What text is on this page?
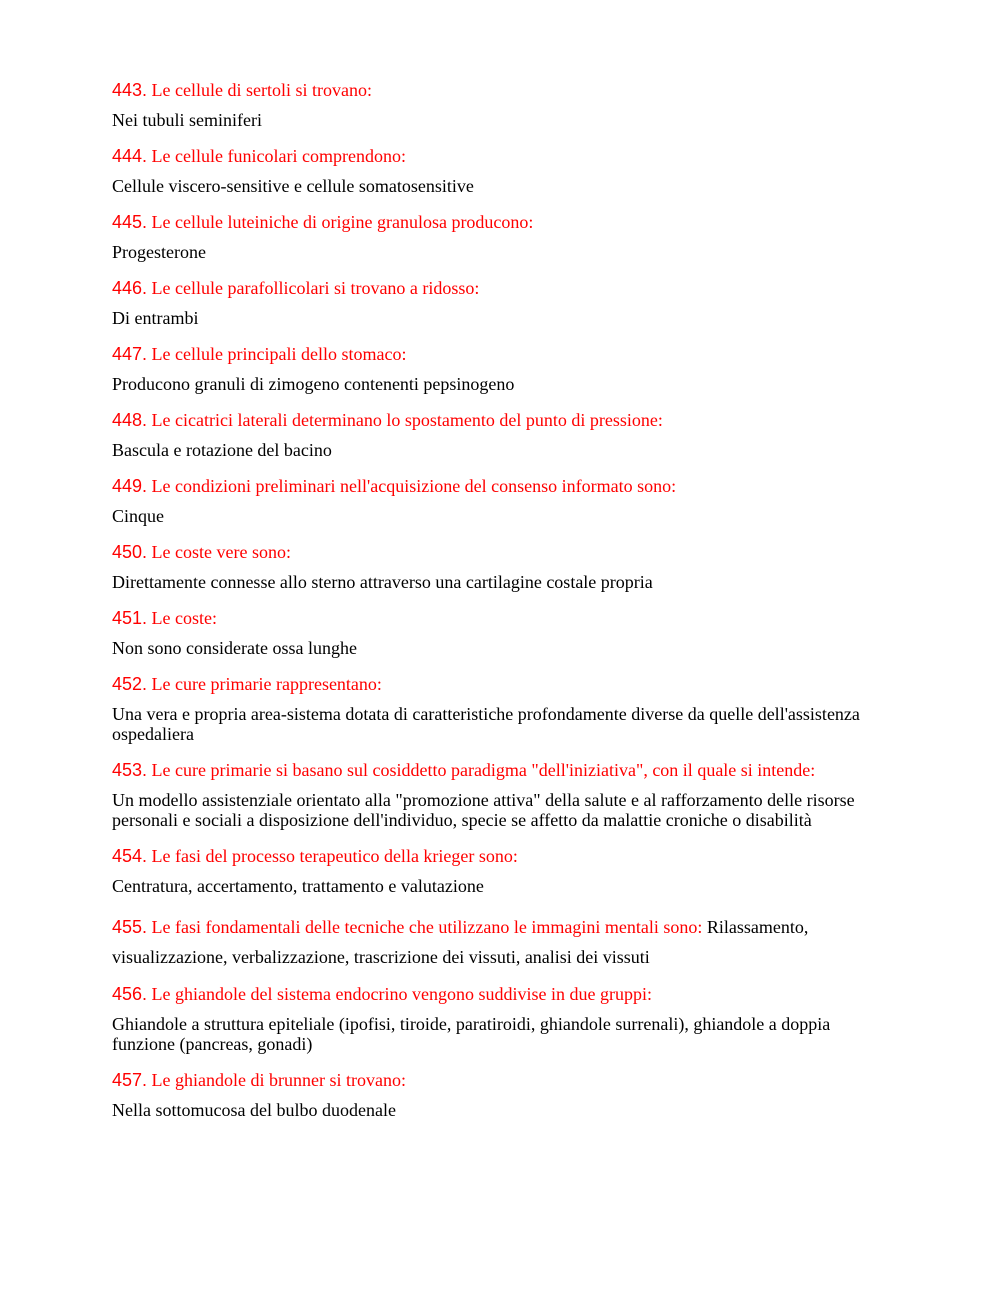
443. Le cellule di sertoli si trovano:
Nei tubuli seminiferi
444. Le cellule funicolari comprendono:
Cellule viscero-sensitive e cellule somatosensitive
445. Le cellule luteiniche di origine granulosa producono:
Progesterone
446. Le cellule parafollicolari si trovano a ridosso:
Di entrambi
447. Le cellule principali dello stomaco:
Producono granuli di zimogeno contenenti pepsinogeno
448. Le cicatrici laterali determinano lo spostamento del punto di pressione:
Bascula e rotazione del bacino
449. Le condizioni preliminari nell'acquisizione del consenso informato sono:
Cinque
450. Le coste vere sono:
Direttamente connesse allo sterno attraverso una cartilagine costale propria
451. Le coste:
Non sono considerate ossa lunghe
452. Le cure primarie rappresentano:
Una vera e propria area-sistema dotata di caratteristiche profondamente diverse da quelle dell'assistenza ospedaliera
453. Le cure primarie si basano sul cosiddetto paradigma "dell'iniziativa", con il quale si intende:
Un modello assistenziale orientato alla "promozione attiva" della salute e al rafforzamento delle risorse personali e sociali a disposizione dell'individuo, specie se affetto da malattie croniche o disabilità
454. Le fasi del processo terapeutico della krieger sono:
Centratura, accertamento, trattamento e valutazione
455. Le fasi fondamentali delle tecniche che utilizzano le immagini mentali sono: Rilassamento, visualizzazione, verbalizzazione, trascrizione dei vissuti, analisi dei vissuti
456. Le ghiandole del sistema endocrino vengono suddivise in due gruppi:
Ghiandole a struttura epiteliale (ipofisi, tiroide, paratiroidi, ghiandole surrenali), ghiandole a doppia funzione (pancreas, gonadi)
457. Le ghiandole di brunner si trovano:
Nella sottomucosa del bulbo duodenale
